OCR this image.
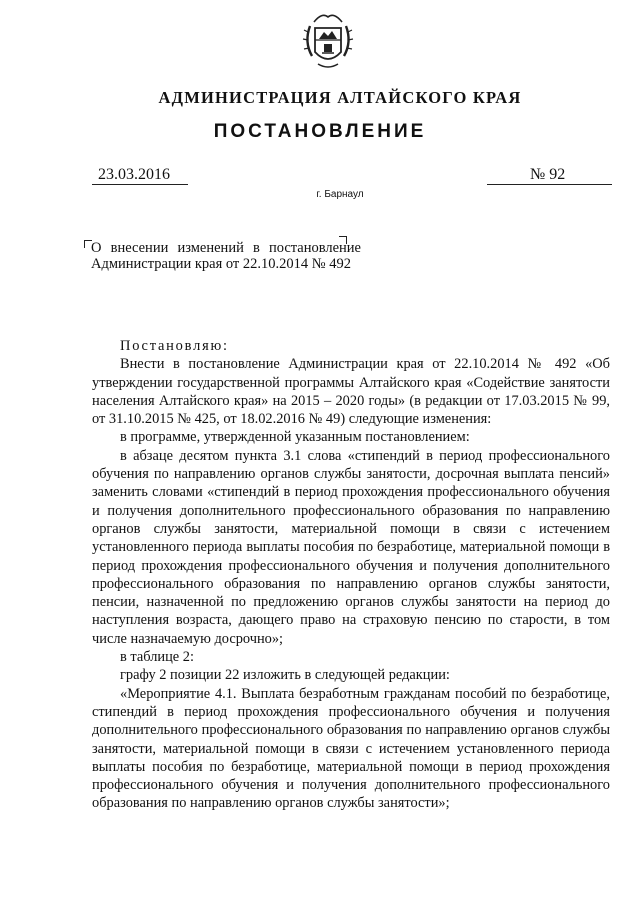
АДМИНИСТРАЦИЯ АЛТАЙСКОГО КРАЯ
ПОСТАНОВЛЕНИЕ
23.03.2016	№ 92
г. Барнаул
О внесении изменений в постановление Администрации края от 22.10.2014 № 492

Постановляю:

Внести в постановление Администрации края от 22.10.2014 № 492 «Об утверждении государственной программы Алтайского края «Содействие занятости населения Алтайского края» на 2015 – 2020 годы» (в редакции от 17.03.2015 № 99, от 31.10.2015 № 425, от 18.02.2016 № 49) следующие изменения:

в программе, утвержденной указанным постановлением:

в абзаце десятом пункта 3.1 слова «стипендий в период профессионального обучения по направлению органов службы занятости, досрочная выплата пенсий» заменить словами «стипендий в период прохождения профессионального обучения и получения дополнительного профессионального образования по направлению органов службы занятости, материальной помощи в связи с истечением установленного периода выплаты пособия по безработице, материальной помощи в период прохождения профессионального обучения и получения дополнительного профессионального образования по направлению органов службы занятости, пенсии, назначенной по предложению органов службы занятости на период до наступления возраста, дающего право на страховую пенсию по старости, в том числе назначаемую досрочно»;

в таблице 2:

графу 2 позиции 22 изложить в следующей редакции:

«Мероприятие 4.1. Выплата безработным гражданам пособий по безработице, стипендий в период прохождения профессионального обучения и получения дополнительного профессионального образования по направлению органов службы занятости, материальной помощи в связи с истечением установленного периода выплаты пособия по безработице, материальной помощи в период прохождения профессионального обучения и получения дополнительного профессионального образования по направлению органов службы занятости»;
